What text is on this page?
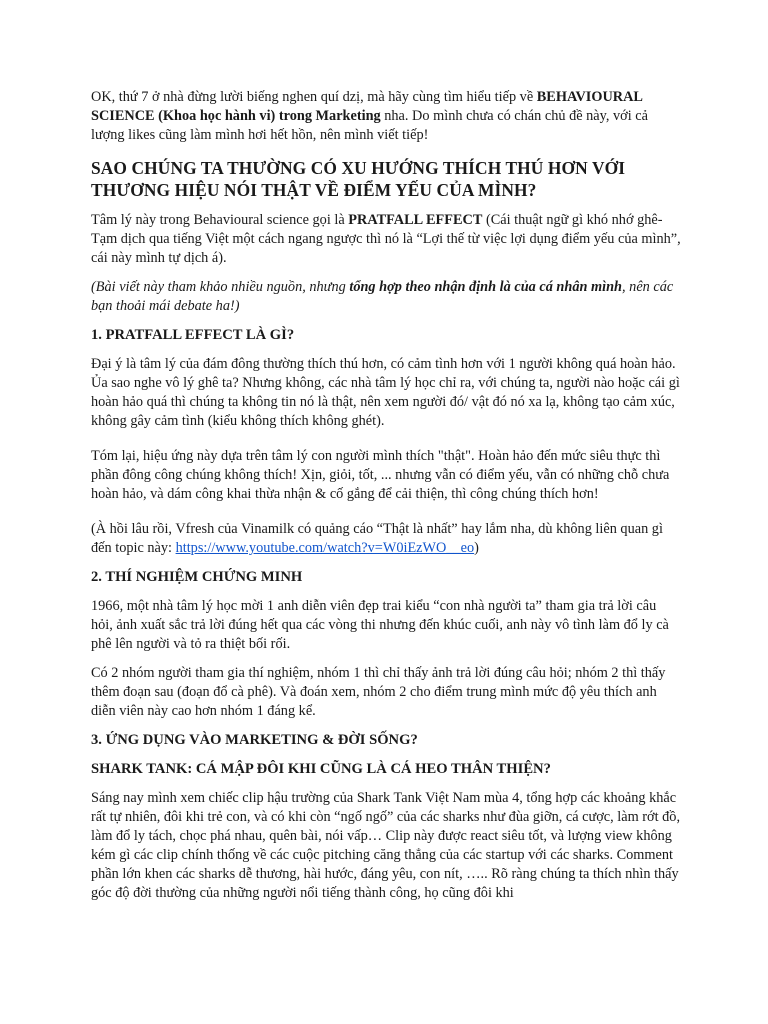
OK, thứ 7 ở nhà đừng lười biếng nghen quí dzị, mà hãy cùng tìm hiểu tiếp về BEHAVIOURAL SCIENCE (Khoa học hành vi) trong Marketing nha. Do mình chưa có chán chủ đề này, với cả lượng likes cũng làm mình hơi hết hồn, nên mình viết tiếp!

SAO CHÚNG TA THƯỜNG CÓ XU HƯỚNG THÍCH THÚ HƠN VỚI THƯƠNG HIỆU NÓI THẬT VỀ ĐIỂM YẾU CỦA MÌNH?

Tâm lý này trong Behavioural science gọi là PRATFALL EFFECT (Cái thuật ngữ gì khó nhớ ghê- Tạm dịch qua tiếng Việt một cách ngang ngược thì nó là “Lợi thế từ việc lợi dụng điểm yếu của mình”, cái này mình tự dịch á).

(Bài viết này tham khảo nhiều nguồn, nhưng tổng hợp theo nhận định là của cá nhân mình, nên các bạn thoải mái debate ha!)

1. PRATFALL EFFECT LÀ GÌ?

Đại ý là tâm lý của đám đông thường thích thú hơn, có cảm tình hơn với 1 người không quá hoàn hảo. Ủa sao nghe vô lý ghê ta? Nhưng không, các nhà tâm lý học chỉ ra, với chúng ta, người nào hoặc cái gì hoàn hảo quá thì chúng ta không tin nó là thật, nên xem người đó/ vật đó nó xa lạ, không tạo cảm xúc, không gây cảm tình (kiểu không thích không ghét).

Tóm lại, hiệu ứng này dựa trên tâm lý con người mình thích "thật". Hoàn hảo đến mức siêu thực thì phần đông công chúng không thích! Xịn, giỏi, tốt, ... nhưng vẫn có điểm yếu, vẫn có những chỗ chưa hoàn hảo, và dám công khai thừa nhận & cố gắng để cải thiện, thì công chúng thích hơn!

(À hồi lâu rồi, Vfresh của Vinamilk có quảng cáo “Thật là nhất” hay lắm nha, dù không liên quan gì đến topic này: https://www.youtube.com/watch?v=W0iEzWO__eo)

2. THÍ NGHIỆM CHỨNG MINH

1966, một nhà tâm lý học mời 1 anh diễn viên đẹp trai kiểu “con nhà người ta” tham gia trả lời câu hỏi, ảnh xuất sắc trả lời đúng hết qua các vòng thi nhưng đến khúc cuối, anh này vô tình làm đổ ly cà phê lên người và tỏ ra thiệt bối rối.

Có 2 nhóm người tham gia thí nghiệm, nhóm 1 thì chỉ thấy ảnh trả lời đúng câu hỏi; nhóm 2 thì thấy thêm đoạn sau (đoạn đổ cà phê). Và đoán xem, nhóm 2 cho điểm trung mình mức độ yêu thích anh diễn viên này cao hơn nhóm 1 đáng kể.

3. ỨNG DỤNG VÀO MARKETING & ĐỜI SỐNG?
SHARK TANK: CÁ MẬP ĐÔI KHI CŨNG LÀ CÁ HEO THÂN THIỆN?

Sáng nay mình xem chiếc clip hậu trường của Shark Tank Việt Nam mùa 4, tổng hợp các khoảng khắc rất tự nhiên, đôi khi trẻ con, và có khi còn “ngố ngố” của các sharks như đùa giỡn, cá cược, làm rớt đồ, làm đổ ly tách, chọc phá nhau, quên bài, nói vấp… Clip này được react siêu tốt, và lượng view không kém gì các clip chính thống về các cuộc pitching căng thẳng của các startup với các sharks. Comment phần lớn khen các sharks dễ thương, hài hước, đáng yêu, con nít, ….. Rõ ràng chúng ta thích nhìn thấy góc độ đời thường của những người nổi tiếng thành công, họ cũng đôi khi
